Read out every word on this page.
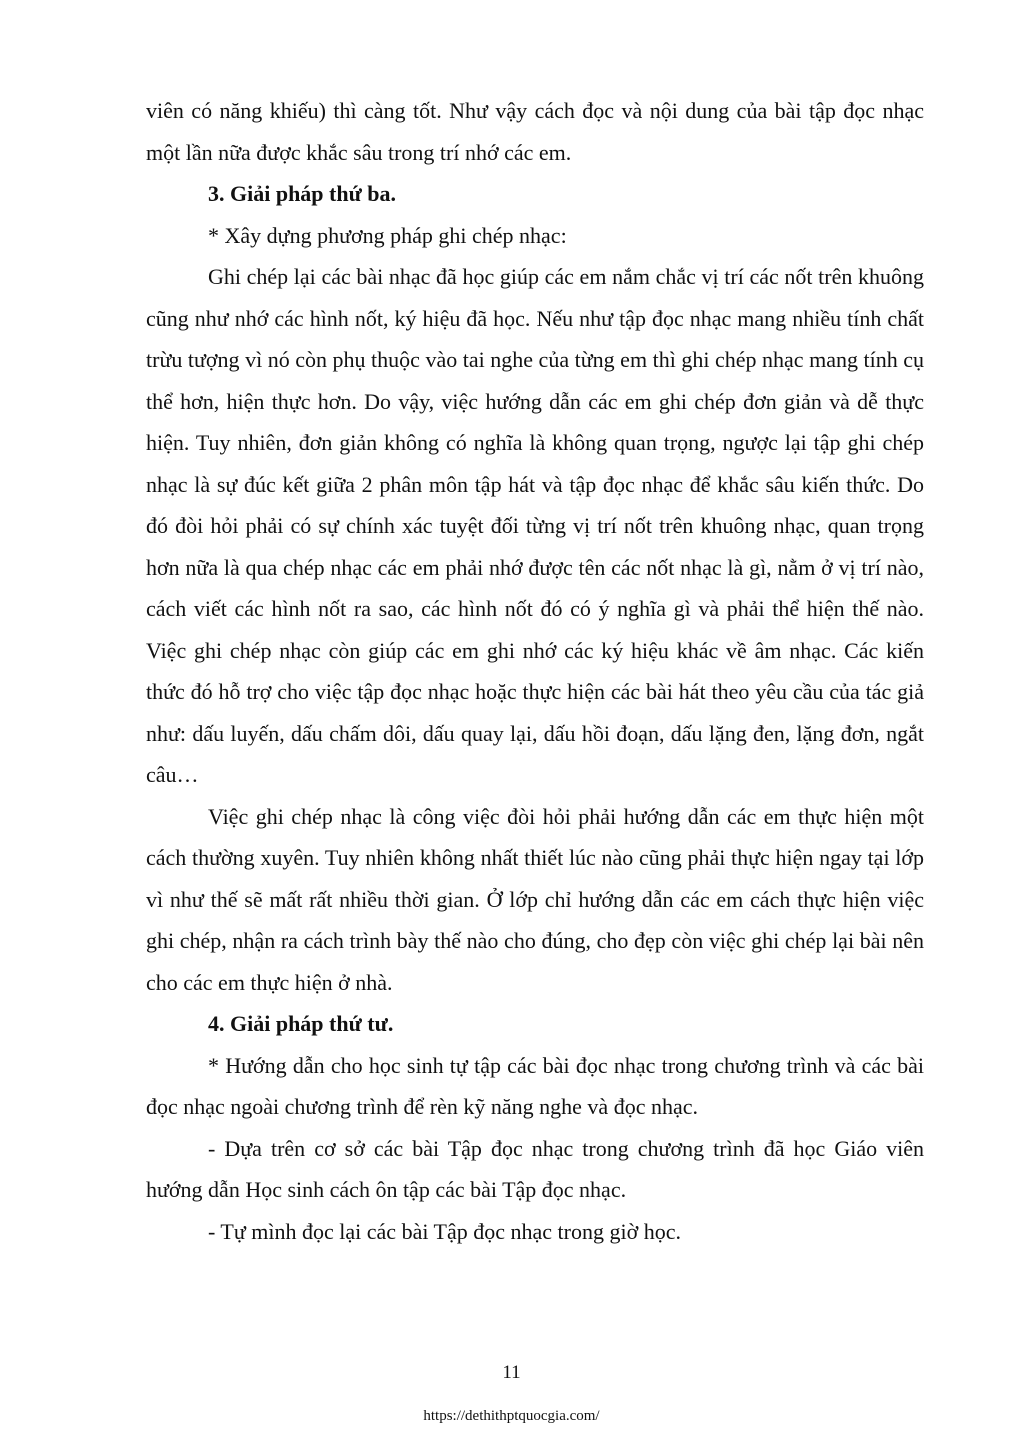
viên có năng khiếu) thì càng tốt. Như vậy cách đọc và nội dung của bài tập đọc nhạc một lần nữa được khắc sâu trong trí nhớ các em.

3. Giải pháp thứ ba.

* Xây dựng phương pháp ghi chép nhạc:

Ghi chép lại các bài nhạc đã học giúp các em nắm chắc vị trí các nốt trên khuông cũng như nhớ các hình nốt, ký hiệu đã học. Nếu như tập đọc nhạc mang nhiều tính chất trừu tượng vì nó còn phụ thuộc vào tai nghe của từng em thì ghi chép nhạc mang tính cụ thể hơn, hiện thực hơn. Do vậy, việc hướng dẫn các em ghi chép đơn giản và dễ thực hiện. Tuy nhiên, đơn giản không có nghĩa là không quan trọng, ngược lại tập ghi chép nhạc là sự đúc kết giữa 2 phân môn tập hát và tập đọc nhạc để khắc sâu kiến thức. Do đó đòi hỏi phải có sự chính xác tuyệt đối từng vị trí nốt trên khuông nhạc, quan trọng hơn nữa là qua chép nhạc các em phải nhớ được tên các nốt nhạc là gì, nằm ở vị trí nào, cách viết các hình nốt ra sao, các hình nốt đó có ý nghĩa gì và phải thể hiện thế nào. Việc ghi chép nhạc còn giúp các em ghi nhớ các ký hiệu khác về âm nhạc. Các kiến thức đó hỗ trợ cho việc tập đọc nhạc hoặc thực hiện các bài hát theo yêu cầu của tác giả như: dấu luyến, dấu chấm dôi, dấu quay lại, dấu hồi đoạn, dấu lặng đen, lặng đơn, ngắt câu…

Việc ghi chép nhạc là công việc đòi hỏi phải hướng dẫn các em thực hiện một cách thường xuyên. Tuy nhiên không nhất thiết lúc nào cũng phải thực hiện ngay tại lớp vì như thế sẽ mất rất nhiều thời gian. Ở lớp chỉ hướng dẫn các em cách thực hiện việc ghi chép, nhận ra cách trình bày thế nào cho đúng, cho đẹp còn việc ghi chép lại bài nên cho các em thực hiện ở nhà.

4. Giải pháp thứ tư.

* Hướng dẫn cho học sinh tự tập các bài đọc nhạc trong chương trình và các bài đọc nhạc ngoài chương trình để rèn kỹ năng nghe và đọc nhạc.

- Dựa trên cơ sở các bài Tập đọc nhạc trong chương trình đã học Giáo viên hướng dẫn Học sinh cách ôn tập các bài Tập đọc nhạc.

- Tự mình đọc lại các bài Tập đọc nhạc trong giờ học.

11
https://dethithptquocgia.com/
